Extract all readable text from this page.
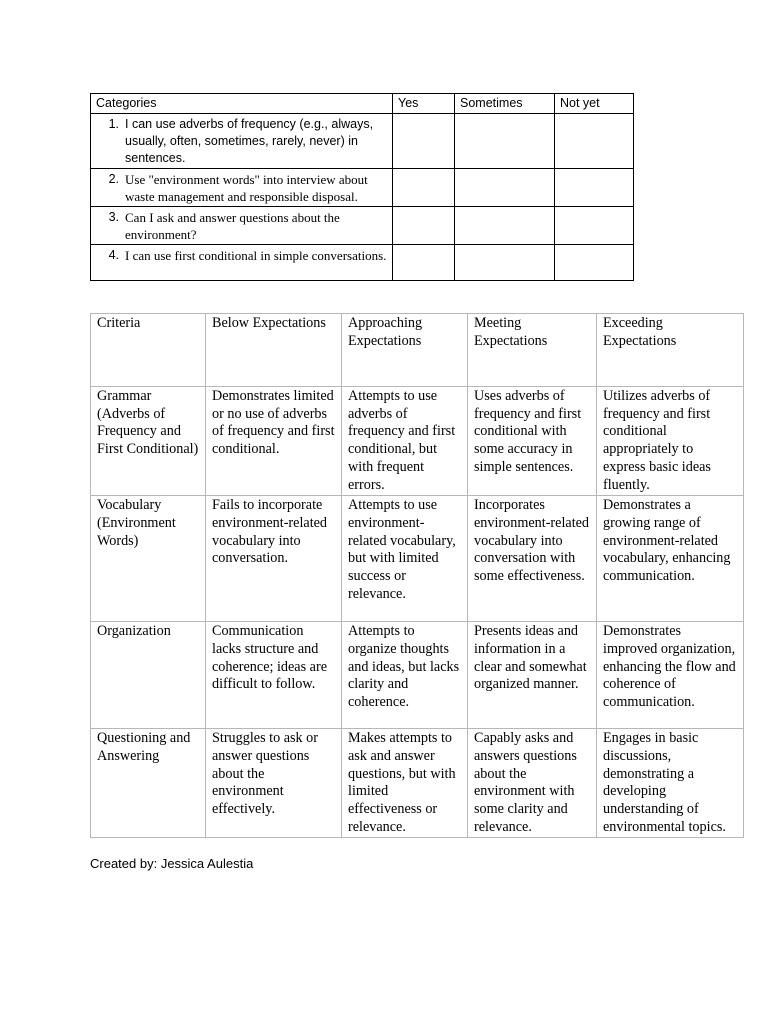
Categories	Yes	Sometimes	Not yet
1. I can use adverbs of frequency (e.g., always, usually, often, sometimes, rarely, never) in sentences.			
2. Use "environment words" into interview about waste management and responsible disposal.			
3. Can I ask and answer questions about the environment?			
4. I can use first conditional in simple conversations.			
Criteria	Below Expectations	Approaching Expectations	Meeting Expectations	Exceeding Expectations
Grammar (Adverbs of Frequency and First Conditional)	Demonstrates limited or no use of adverbs of frequency and first conditional.	Attempts to use adverbs of frequency and first conditional, but with frequent errors.	Uses adverbs of frequency and first conditional with some accuracy in simple sentences.	Utilizes adverbs of frequency and first conditional appropriately to express basic ideas fluently.
Vocabulary (Environment Words)	Fails to incorporate environment-related vocabulary into conversation.	Attempts to use environment-related vocabulary, but with limited success or relevance.	Incorporates environment-related vocabulary into conversation with some effectiveness.	Demonstrates a growing range of environment-related vocabulary, enhancing communication.
Organization	Communication lacks structure and coherence; ideas are difficult to follow.	Attempts to organize thoughts and ideas, but lacks clarity and coherence.	Presents ideas and information in a clear and somewhat organized manner.	Demonstrates improved organization, enhancing the flow and coherence of communication.
Questioning and Answering	Struggles to ask or answer questions about the environment effectively.	Makes attempts to ask and answer questions, but with limited effectiveness or relevance.	Capably asks and answers questions about the environment with some clarity and relevance.	Engages in basic discussions, demonstrating a developing understanding of environmental topics.
Created by: Jessica Aulestia
